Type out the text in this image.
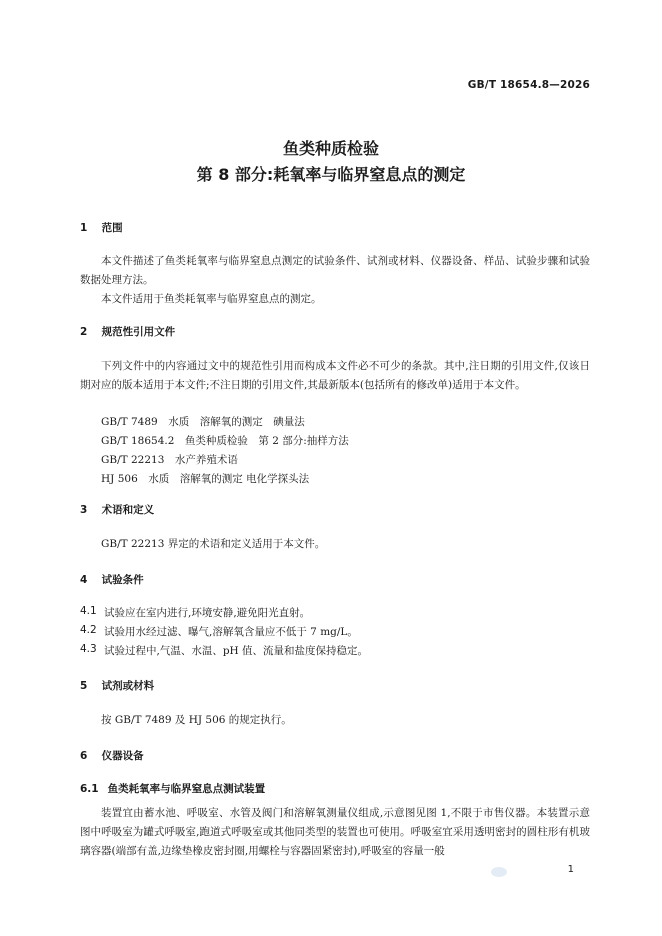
GB/T 18654.8—2026
鱼类种质检验
第 8 部分:耗氧率与临界窒息点的测定
1 范围
本文件描述了鱼类耗氧率与临界窒息点测定的试验条件、试剂或材料、仪器设备、样品、试验步骤和试验数据处理方法。
本文件适用于鱼类耗氧率与临界窒息点的测定。
2 规范性引用文件
下列文件中的内容通过文中的规范性引用而构成本文件必不可少的条款。其中,注日期的引用文件,仅该日期对应的版本适用于本文件;不注日期的引用文件,其最新版本(包括所有的修改单)适用于本文件。
GB/T 7489　水质　溶解氧的测定　碘量法
GB/T 18654.2　鱼类种质检验　第 2 部分:抽样方法
GB/T 22213　水产养殖术语
HJ 506　水质　溶解氧的测定 电化学探头法
3 术语和定义
GB/T 22213 界定的术语和定义适用于本文件。
4 试验条件
4.1 试验应在室内进行,环境安静,避免阳光直射。
4.2 试验用水经过滤、曝气,溶解氧含量应不低于 7 mg/L。
4.3 试验过程中,气温、水温、pH 值、流量和盐度保持稳定。
5 试剂或材料
按 GB/T 7489 及 HJ 506 的规定执行。
6 仪器设备
6.1 鱼类耗氧率与临界窒息点测试装置
装置宜由蓄水池、呼吸室、水管及阀门和溶解氧测量仪组成,示意图见图 1,不限于市售仪器。本装置示意图中呼吸室为罐式呼吸室,跑道式呼吸室或其他同类型的装置也可使用。呼吸室宜采用透明密封的圆柱形有机玻璃容器(端部有盖,边缘垫橡皮密封圈,用螺栓与容器固紧密封),呼吸室的容量一般
1
